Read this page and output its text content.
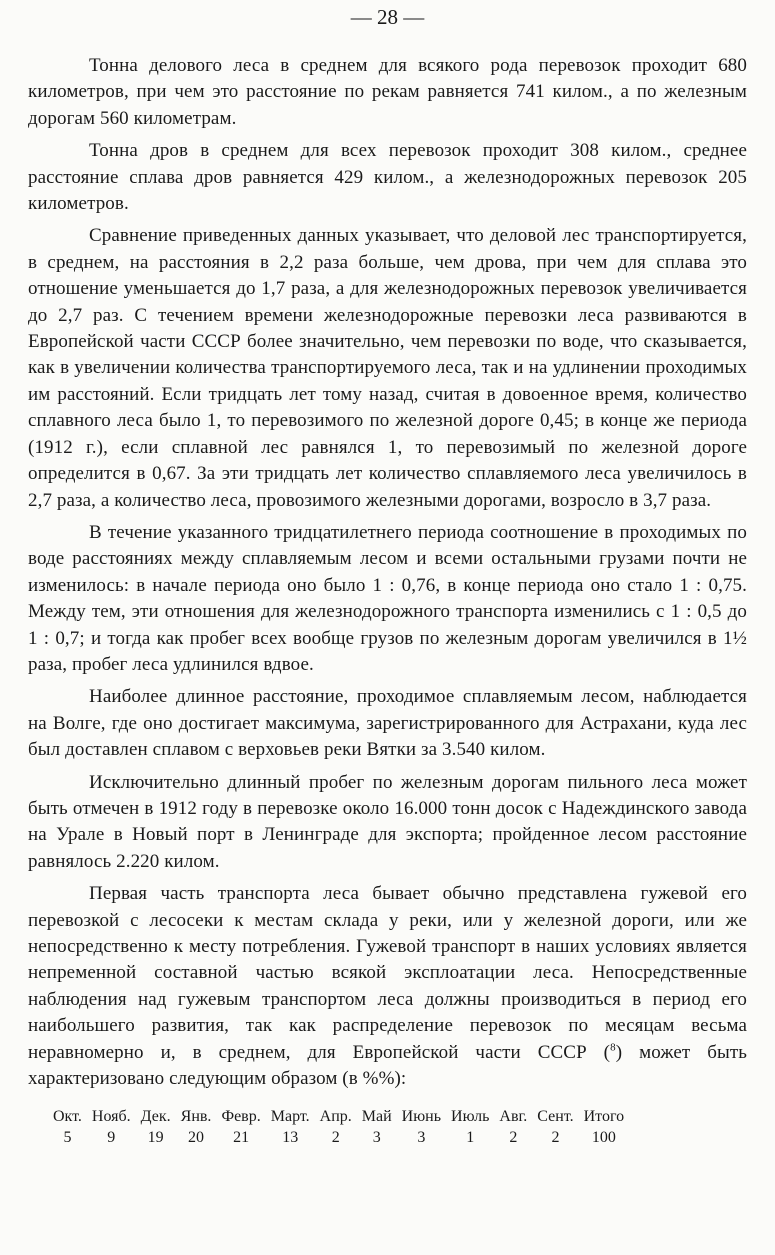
— 28 —

Тонна делового леса в среднем для всякого рода перевозок проходит 680 километров, при чем это расстояние по рекам равняется 741 килом., а по железным дорогам 560 километрам.

Тонна дров в среднем для всех перевозок проходит 308 килом., среднее расстояние сплава дров равняется 429 килом., а железнодорожных перевозок 205 километров.

Сравнение приведенных данных указывает, что деловой лес транспортируется, в среднем, на расстояния в 2,2 раза больше, чем дрова, при чем для сплава это отношение уменьшается до 1,7 раза, а для железнодорожных перевозок увеличивается до 2,7 раз. С течением времени железнодорожные перевозки леса развиваются в Европейской части СССР более значительно, чем перевозки по воде, что сказывается, как в увеличении количества транспортируемого леса, так и на удлинении проходимых им расстояний. Если тридцать лет тому назад, считая в довоенное время, количество сплавного леса было 1, то перевозимого по железной дороге 0,45; в конце же периода (1912 г.), если сплавной лес равнялся 1, то перевозимый по железной дороге определится в 0,67. За эти тридцать лет количество сплавляемого леса увеличилось в 2,7 раза, а количество леса, провозимого железными дорогами, возросло в 3,7 раза.

В течение указанного тридцатилетнего периода соотношение в проходимых по воде расстояниях между сплавляемым лесом и всеми остальными грузами почти не изменилось: в начале периода оно было 1 : 0,76, в конце периода оно стало 1 : 0,75. Между тем, эти отношения для железнодорожного транспорта изменились с 1 : 0,5 до 1 : 0,7; и тогда как пробег всех вообще грузов по железным дорогам увеличился в 1½ раза, пробег леса удлинился вдвое.

Наиболее длинное расстояние, проходимое сплавляемым лесом, наблюдается на Волге, где оно достигает максимума, зарегистрированного для Астрахани, куда лес был доставлен сплавом с верховьев реки Вятки за 3.540 килом.

Исключительно длинный пробег по железным дорогам пильного леса может быть отмечен в 1912 году в перевозке около 16.000 тонн досок с Надеждинского завода на Урале в Новый порт в Ленинграде для экспорта; пройденное лесом расстояние равнялось 2.220 килом.

Первая часть транспорта леса бывает обычно представлена гужевой его перевозкой с лесосеки к местам склада у реки, или у железной дороги, или же непосредственно к месту потребления. Гужевой транспорт в наших условиях является непременной составной частью всякой эксплоатации леса. Непосредственные наблюдения над гужевым транспортом леса должны производиться в период его наибольшего развития, так как распределение перевозок по месяцам весьма неравномерно и, в среднем, для Европейской части СССР ($^8$) может быть характеризовано следующим образом (в %%):

Окт.	Нояб.	Дек.	Янв.	Февр.	Март.	Апр.	Май	Июнь	Июль	Авг.	Сент.	Итого
5	9	19	20	21	13	2	3	3	1	2	2	100
